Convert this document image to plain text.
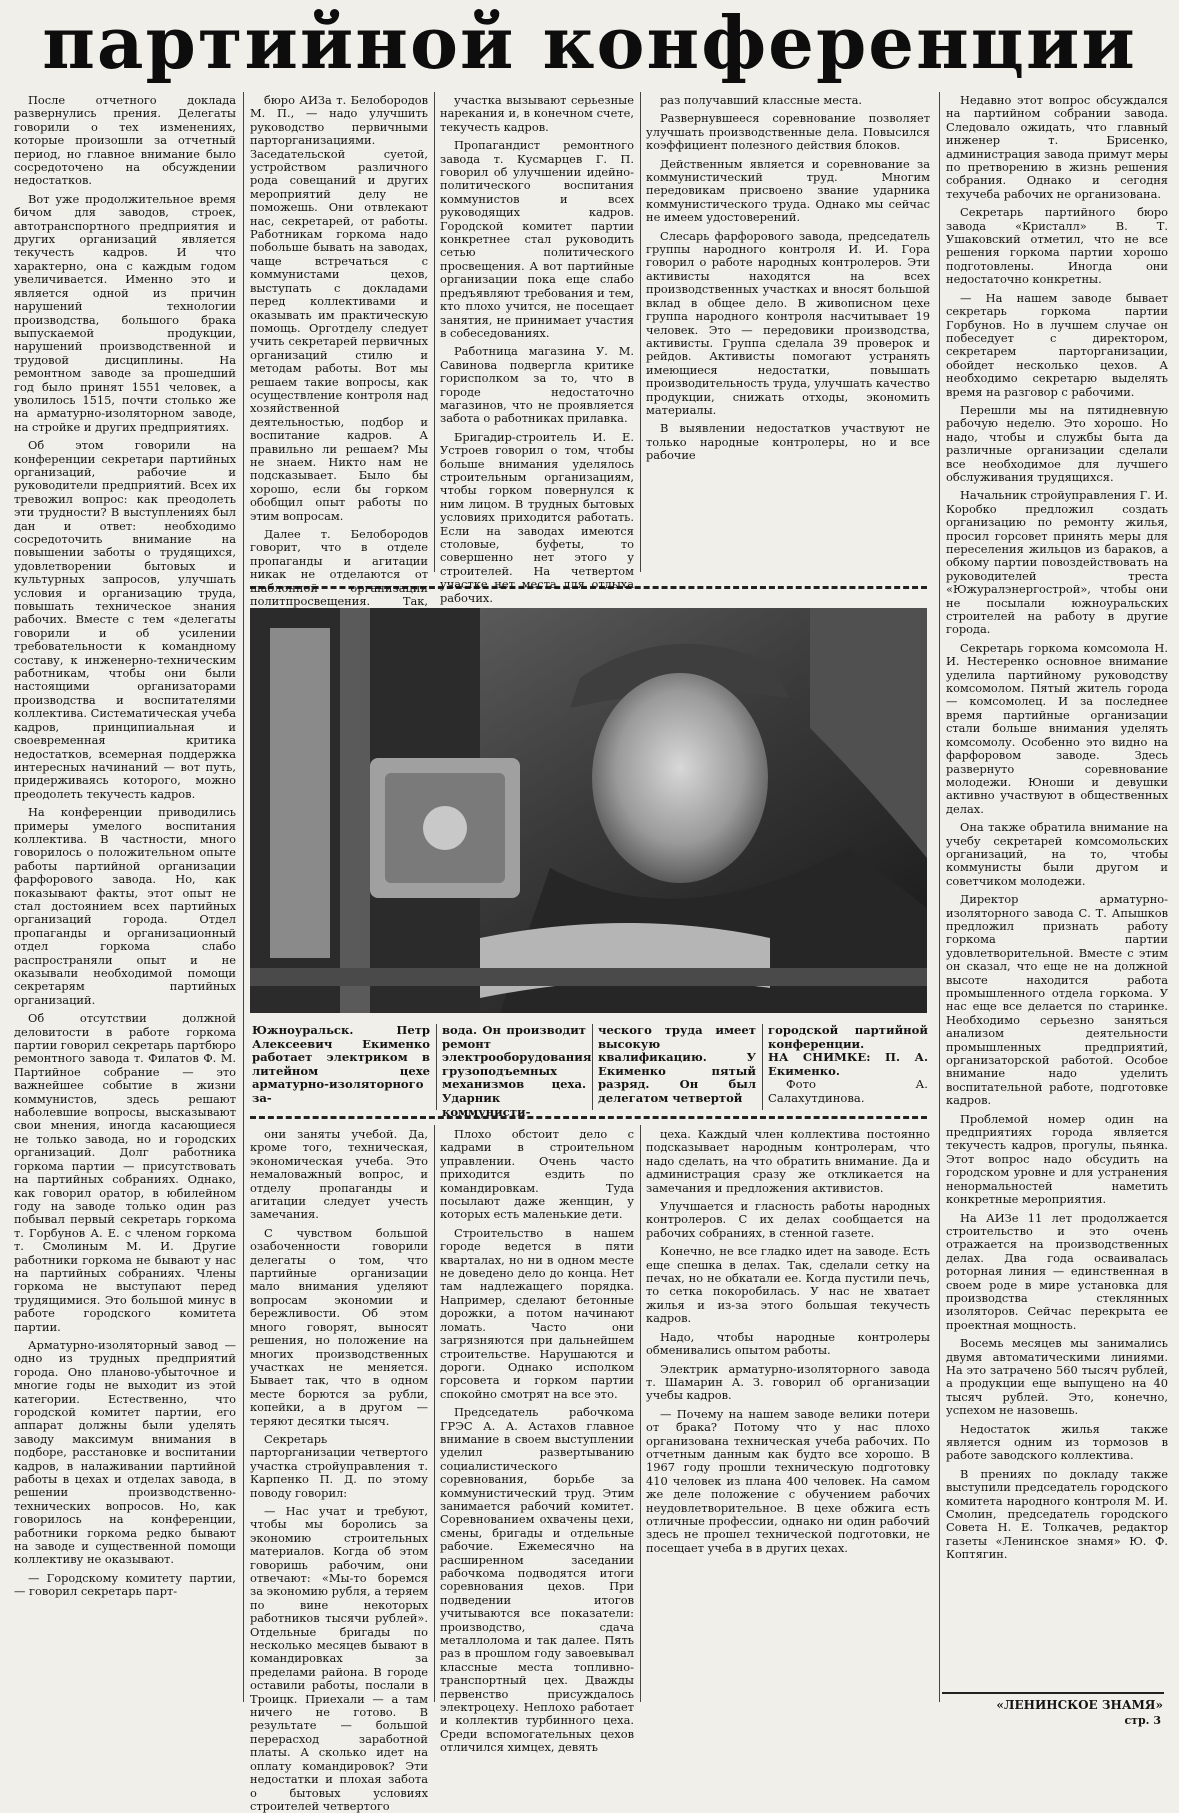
партийной конференции

После отчетного доклада развернулись прения. Делегаты говорили о тех изменениях, которые произошли за отчетный период, но главное внимание было сосредоточено на обсуждении недостатков.

Вот уже продолжительное время бичом для заводов, строек, автотранспортного предприятия и других организаций является текучесть кадров. И что характерно, она с каждым годом увеличивается. Именно это и является одной из причин нарушений технологии производства, большого брака выпускаемой продукции, нарушений производственной и трудовой дисциплины. На ремонтном заводе за прошедший год было принят 1551 человек, а уволилось 1515, почти столько же на арматурно-изоляторном заводе, на стройке и других предприятиях.

Об этом говорили на конференции секретари партийных организаций, рабочие и руководители предприятий. Всех их тревожил вопрос: как преодолеть эти трудности? В выступлениях был дан и ответ: необходимо сосредоточить внимание на повышении заботы о трудящихся, удовлетворении бытовых и культурных запросов, улучшать условия и организацию труда, повышать техническое знания рабочих. Вместе с тем «делегаты говорили и об усилении требовательности к командному составу, к инженерно-техническим работникам, чтобы они были настоящими организаторами производства и воспитателями коллектива. Систематическая учеба кадров, принципиальная и своевременная критика недостатков, всемерная поддержка интересных начинаний — вот путь, придерживаясь которого, можно преодолеть текучесть кадров.

На конференции приводились примеры умелого воспитания коллектива. В частности, много говорилось о положительном опыте работы партийной организации фарфорового завода. Но, как показывают факты, этот опыт не стал достоянием всех партийных организаций города. Отдел пропаганды и организационный отдел горкома слабо распространяли опыт и не оказывали необходимой помощи секретарям партийных организаций.

Об отсутствии должной деловитости в работе горкома партии говорил секретарь партбюро ремонтного завода т. Филатов Ф. М. Партийное собрание — это важнейшее событие в жизни коммунистов, здесь решают наболевшие вопросы, высказывают свои мнения, иногда касающиеся не только завода, но и городских организаций. Долг работника горкома партии — присутствовать на партийных собраниях. Однако, как говорил оратор, в юбилейном году на заводе только один раз побывал первый секретарь горкома т. Горбунов А. Е. с членом горкома т. Смолиным М. И. Другие работники горкома не бывают у нас на партийных собраниях. Члены горкома не выступают перед трудящимися. Это большой минус в работе городского комитета партии.

Арматурно-изоляторный завод — одно из трудных предприятий города. Оно планово-убыточное и многие годы не выходит из этой категории. Естественно, что городской комитет партии, его аппарат должны были уделять заводу максимум внимания в подборе, расстановке и воспитании кадров, в налаживании партийной работы в цехах и отделах завода, в решении производственно-технических вопросов. Но, как говорилось на конференции, работники горкома редко бывают на заводе и существенной помощи коллективу не оказывают.

— Городскому комитету партии, — говорил секретарь парт-

бюро АИЗа т. Белобородов М. П., — надо улучшить руководство первичными парторганизациями. Заседательской суетой, устройством различного рода совещаний и других мероприятий делу не поможешь. Они отвлекают нас, секретарей, от работы. Работникам горкома надо побольше бывать на заводах, чаще встречаться с коммунистами цехов, выступать с докладами перед коллективами и оказывать им практическую помощь. Орготделу следует учить секретарей первичных организаций стилю и методам работы. Вот мы решаем такие вопросы, как осуществление контроля над хозяйственной деятельностью, подбор и воспитание кадров. А правильно ли решаем? Мы не знаем. Никто нам не подсказывает. Было бы хорошо, если бы горком обобщил опыт работы по этим вопросам.

Далее т. Белобородов говорит, что в отделе пропаганды и агитации никак не отделаются от шаблонной организации политпросвещения. Так,

участка вызывают серьезные нарекания и, в конечном счете, текучесть кадров.

Пропагандист ремонтного завода т. Кусмарцев Г. П. говорил об улучшении идейно-политического воспитания коммунистов и всех руководящих кадров. Городской комитет партии конкретнее стал руководить сетью политического просвещения. А вот партийные организации пока еще слабо предъявляют требования и тем, кто плохо учится, не посещает занятия, не принимает участия в собеседованиях.

Работница магазина У. М. Савинова подвергла критике горисполком за то, что в городе недостаточно магазинов, что не проявляется забота о работниках прилавка.

Бригадир-строитель И. Е. Устроев говорил о том, чтобы больше внимания уделялось строительным организациям, чтобы горком повернулся к ним лицом. В трудных бытовых условиях приходится работать. Если на заводах имеются столовые, буфеты, то совершенно нет этого у строителей. На четвертом участке нет места для отдыха рабочих.

раз получавший классные места.

Развернувшееся соревнование позволяет улучшать производственные дела. Повысился коэффициент полезного действия блоков.

Действенным является и соревнование за коммунистический труд. Многим передовикам присвоено звание ударника коммунистического труда. Однако мы сейчас не имеем удостоверений.

Слесарь фарфорового завода, председатель группы народного контроля И. И. Гора говорил о работе народных контролеров. Эти активисты находятся на всех производственных участках и вносят большой вклад в общее дело. В живописном цехе группа народного контроля насчитывает 19 человек. Это — передовики производства, активисты. Группа сделала 39 проверок и рейдов. Активисты помогают устранять имеющиеся недостатки, повышать производительность труда, улучшать качество продукции, снижать отходы, экономить материалы.

В выявлении недостатков участвуют не только народные контролеры, но и все рабочие

Недавно этот вопрос обсуждался на партийном собрании завода. Следовало ожидать, что главный инженер т. Брисенко, администрация завода примут меры по претворению в жизнь решения собрания. Однако и сегодня техучеба рабочих не организована.

Секретарь партийного бюро завода «Кристалл» В. Т. Ушаковский отметил, что не все решения горкома партии хорошо подготовлены. Иногда они недостаточно конкретны.

— На нашем заводе бывает секретарь горкома партии Горбунов. Но в лучшем случае он побеседует с директором, секретарем парторганизации, обойдет несколько цехов. А необходимо секретарю выделять время на разговор с рабочими.

Перешли мы на пятидневную рабочую неделю. Это хорошо. Но надо, чтобы и службы быта да различные организации сделали все необходимое для лучшего обслуживания трудящихся.

Начальник стройуправления Г. И. Коробко предложил создать организацию по ремонту жилья, просил горсовет принять меры для переселения жильцов из бараков, а обкому партии повоздействовать на руководителей треста «Южуралэнергострой», чтобы они не посылали южноуральских строителей на работу в другие города.

Секретарь горкома комсомола Н. И. Нестеренко основное внимание уделила партийному руководству комсомолом. Пятый житель города — комсомолец. И за последнее время партийные организации стали больше внимания уделять комсомолу. Особенно это видно на фарфоровом заводе. Здесь развернуто соревнование молодежи. Юноши и девушки активно участвуют в общественных делах.

Она также обратила внимание на учебу секретарей комсомольских организаций, на то, чтобы коммунисты были другом и советчиком молодежи.

Директор арматурно-изоляторного завода С. Т. Апышков предложил признать работу горкома партии удовлетворительной. Вместе с этим он сказал, что еще не на должной высоте находится работа промышленного отдела горкома. У нас еще все делается по старинке. Необходимо серьезно заняться анализом деятельности промышленных предприятий, организаторской работой. Особое внимание надо уделить воспитательной работе, подготовке кадров.

Проблемой номер один на предприятиях города является текучесть кадров, прогулы, пьянка. Этот вопрос надо обсудить на городском уровне и для устранения ненормальностей наметить конкретные мероприятия.

На АИЗе 11 лет продолжается строительство и это очень отражается на производственных делах. Два года осваивалась роторная линия — единственная в своем роде в мире установка для производства стеклянных изоляторов. Сейчас перекрыта ее проектная мощность.

Восемь месяцев мы занимались двумя автоматическими линиями. На это затрачено 560 тысяч рублей, а продукции еще выпущено на 40 тысяч рублей. Это, конечно, успехом не назовешь.

Недостаток жилья также является одним из тормозов в работе заводского коллектива.

В прениях по докладу также выступили председатель городского комитета народного контроля М. И. Смолин, председатель городского Совета Н. Е. Толкачев, редактор газеты «Ленинское знамя» Ю. Ф. Коптягин.

они заняты учебой. Да, кроме того, техническая, экономическая учеба. Это немаловажный вопрос, и отделу пропаганды и агитации следует учесть замечания.

С чувством большой озабоченности говорили делегаты о том, что партийные организации мало внимания уделяют вопросам экономии и бережливости. Об этом много говорят, выносят решения, но положение на многих производственных участках не меняется. Бывает так, что в одном месте борются за рубли, копейки, а в другом — теряют десятки тысяч.

Секретарь парторганизации четвертого участка стройуправления т. Карпенко П. Д. по этому поводу говорил:

— Нас учат и требуют, чтобы мы боролись за экономию строительных материалов. Когда об этом говоришь рабочим, они отвечают: «Мы-то боремся за экономию рубля, а теряем по вине некоторых работников тысячи рублей». Отдельные бригады по несколько месяцев бывают в командировках за пределами района. В городе оставили работы, послали в Троицк. Приехали — а там ничего не готово. В результате — большой перерасход заработной платы. А сколько идет на оплату командировок? Эти недостатки и плохая забота о бытовых условиях строителей четвертого

Плохо обстоит дело с кадрами в строительном управлении. Очень часто приходится ездить по командировкам. Туда посылают даже женщин, у которых есть маленькие дети.

Строительство в нашем городе ведется в пяти кварталах, но ни в одном месте не доведено дело до конца. Нет там надлежащего порядка. Например, сделают бетонные дорожки, а потом начинают ломать. Часто они загрязняются при дальнейшем строительстве. Нарушаются и дороги. Однако исполком горсовета и горком партии спокойно смотрят на все это.

Председатель рабочкома ГРЭС А. А. Астахов главное внимание в своем выступлении уделил развертыванию социалистического соревнования, борьбе за коммунистический труд. Этим занимается рабочий комитет. Соревнованием охвачены цехи, смены, бригады и отдельные рабочие. Ежемесячно на расширенном заседании рабочкома подводятся итоги соревнования цехов. При подведении итогов учитываются все показатели: производство, сдача металлолома и так далее. Пять раз в прошлом году завоевывал классные места топливно-транспортный цех. Дважды первенство присуждалось электроцеху. Неплохо работает и коллектив турбинного цеха. Среди вспомогательных цехов отличился химцех, девять

цеха. Каждый член коллектива постоянно подсказывает народным контролерам, что надо сделать, на что обратить внимание. Да и администрация сразу же откликается на замечания и предложения активистов.

Улучшается и гласность работы народных контролеров. С их делах сообщается на рабочих собраниях, в стенной газете.

Конечно, не все гладко идет на заводе. Есть еще спешка в делах. Так, сделали сетку на печах, но не обкатали ее. Когда пустили печь, то сетка покоробилась. У нас не хватает жилья и из-за этого большая текучесть кадров.

Надо, чтобы народные контролеры обменивались опытом работы.

Электрик арматурно-изоляторного завода т. Шамарин А. З. говорил об организации учебы кадров.

— Почему на нашем заводе велики потери от брака? Потому что у нас плохо организована техническая учеба рабочих. По отчетным данным как будто все хорошо. В 1967 году прошли техническую подготовку 410 человек из плана 400 человек. На самом же деле положение с обучением рабочих неудовлетворительное. В цехе обжига есть отличные профессии, однако ни один рабочий здесь не прошел технической подготовки, не посещает учеба в в других цехах.

Южноуральск. Петр Алексеевич Екименко работает электриком в литейном цехе арматурно-изоляторного за-
вода. Он производит ремонт электрооборудования грузоподъемных механизмов цеха. Ударник коммунисти-
ческого труда имеет высокую квалификацию. У Екименко пятый разряд. Он был делегатом четвертой
городской партийной конференции.
НА СНИМКЕ: П. А. Екименко.
Фото А. Салахутдинова.
«ЛЕНИНСКОЕ ЗНАМЯ»
стр. 3
